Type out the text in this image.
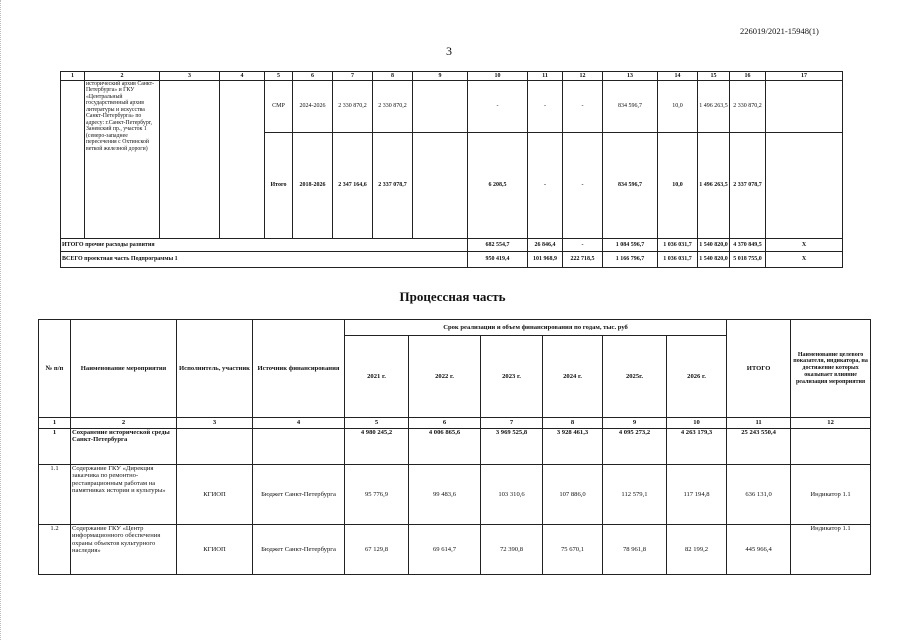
226019/2021-15948(1)
3
1	2	3	4	5	6	7	8	9	10	11	12	13	14	15	16	17
	исторический архив Санкт-Петербурга» и ГКУ «Центральный государственный архив литературы и искусства Санкт-Петербурга» по адресу: г.Санкт-Петербург, Заневский пр., участок 1 (северо-западнее пересечения с Охтинской веткой железной дороги)			СМР	2024-2026	2 330 870,2	2 330 870,2		-	-	-	834 596,7	10,0	1 496 263,5	2 330 870,2	
				Итого	2018-2026	2 347 164,6	2 337 078,7		6 208,5	-	-	834 596,7	10,0	1 496 263,5	2 337 078,7	
ИТОГО прочие расходы развития									682 554,7	26 846,4	-	1 084 596,7	1 036 031,7	1 540 820,0	4 370 849,5	Х
ВСЕГО проектная часть Подпрограммы 1									950 419,4	101 968,9	222 718,5	1 166 796,7	1 036 031,7	1 540 820,0	5 018 755,0	Х
Процессная часть
№ п/п	Наименование мероприятия	Исполнитель, участник	Источник финансирования	Срок реализации и объем финансирования по годам, тыс. руб						ИТОГО	Наименование целевого показателя, индикатора, на достижение которых оказывает влияние реализация мероприятия
				2021 г.	2022 г.	2023 г.	2024 г.	2025г.	2026 г.		
1	2	3	4	5	6	7	8	9	10	11	12
1	Сохранение исторической среды Санкт-Петербурга			4 980 245,2	4 006 865,6	3 969 525,8	3 928 461,3	4 095 273,2	4 263 179,3	25 243 550,4	
1.1	Содержание ГКУ «Дирекция заказчика по ремонтно-реставрационным работам на памятниках истории и культуры»	КГИОП	Бюджет Санкт-Петербурга	95 776,9	99 483,6	103 310,6	107 886,0	112 579,1	117 194,8	636 131,0	Индикатор 1.1
1.2	Содержание ГКУ «Центр информационного обеспечения охраны объектов культурного наследия»	КГИОП	Бюджет Санкт-Петербурга	67 129,8	69 614,7	72 390,8	75 670,1	78 961,8	82 199,2	445 966,4	Индикатор 1.1
